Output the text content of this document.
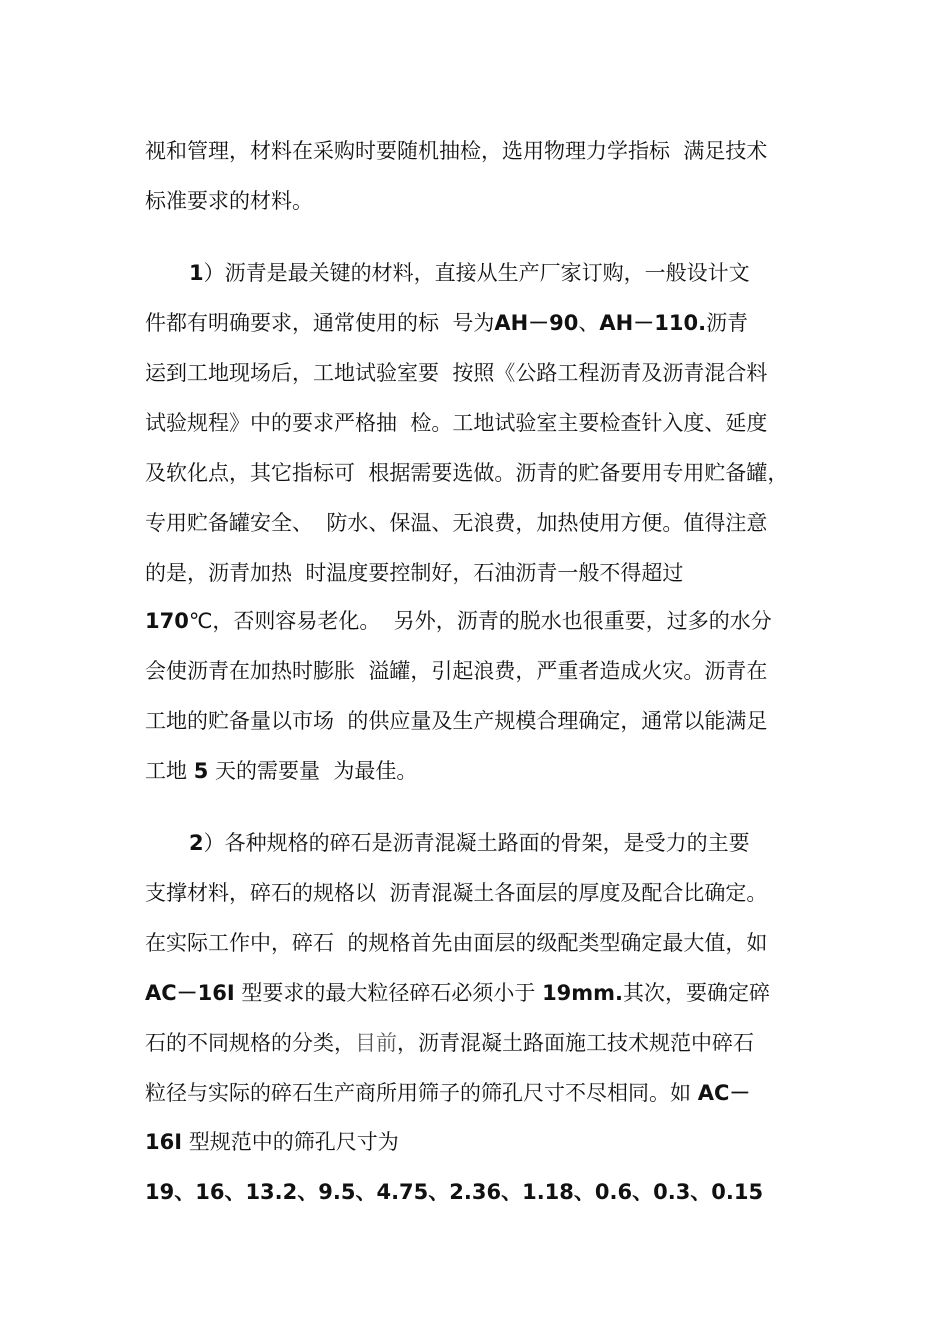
视和管理，材料在采购时要随机抽检，选用物理力学指标  满足技术
标准要求的材料。
1）沥青是最关键的材料，直接从生产厂家订购，一般设计文
件都有明确要求，通常使用的标  号为AH－90、AH－110.沥青
运到工地现场后，工地试验室要  按照《公路工程沥青及沥青混合料
试验规程》中的要求严格抽  检。工地试验室主要检查针入度、延度
及软化点，其它指标可  根据需要选做。沥青的贮备要用专用贮备罐，
专用贮备罐安全、  防水、保温、无浪费，加热使用方便。值得注意
的是，沥青加热  时温度要控制好，石油沥青一般不得超过
170℃，否则容易老化。  另外，沥青的脱水也很重要，过多的水分
会使沥青在加热时膨胀  溢罐，引起浪费，严重者造成火灾。沥青在
工地的贮备量以市场  的供应量及生产规模合理确定，通常以能满足
工地 5 天的需要量  为最佳。
2）各种规格的碎石是沥青混凝土路面的骨架，是受力的主要
支撑材料，碎石的规格以  沥青混凝土各面层的厚度及配合比确定。
在实际工作中，碎石  的规格首先由面层的级配类型确定最大值，如
AC－16I 型要求的最大粒径碎石必须小于 19mm.其次，要确定碎
石的不同规格的分类，目前，沥青混凝土路面施工技术规范中碎石
粒径与实际的碎石生产商所用筛子的筛孔尺寸不尽相同。如 AC－
16I 型规范中的筛孔尺寸为
19、16、13.2、9.5、4.75、2.36、1.18、0.6、0.3、0.15
